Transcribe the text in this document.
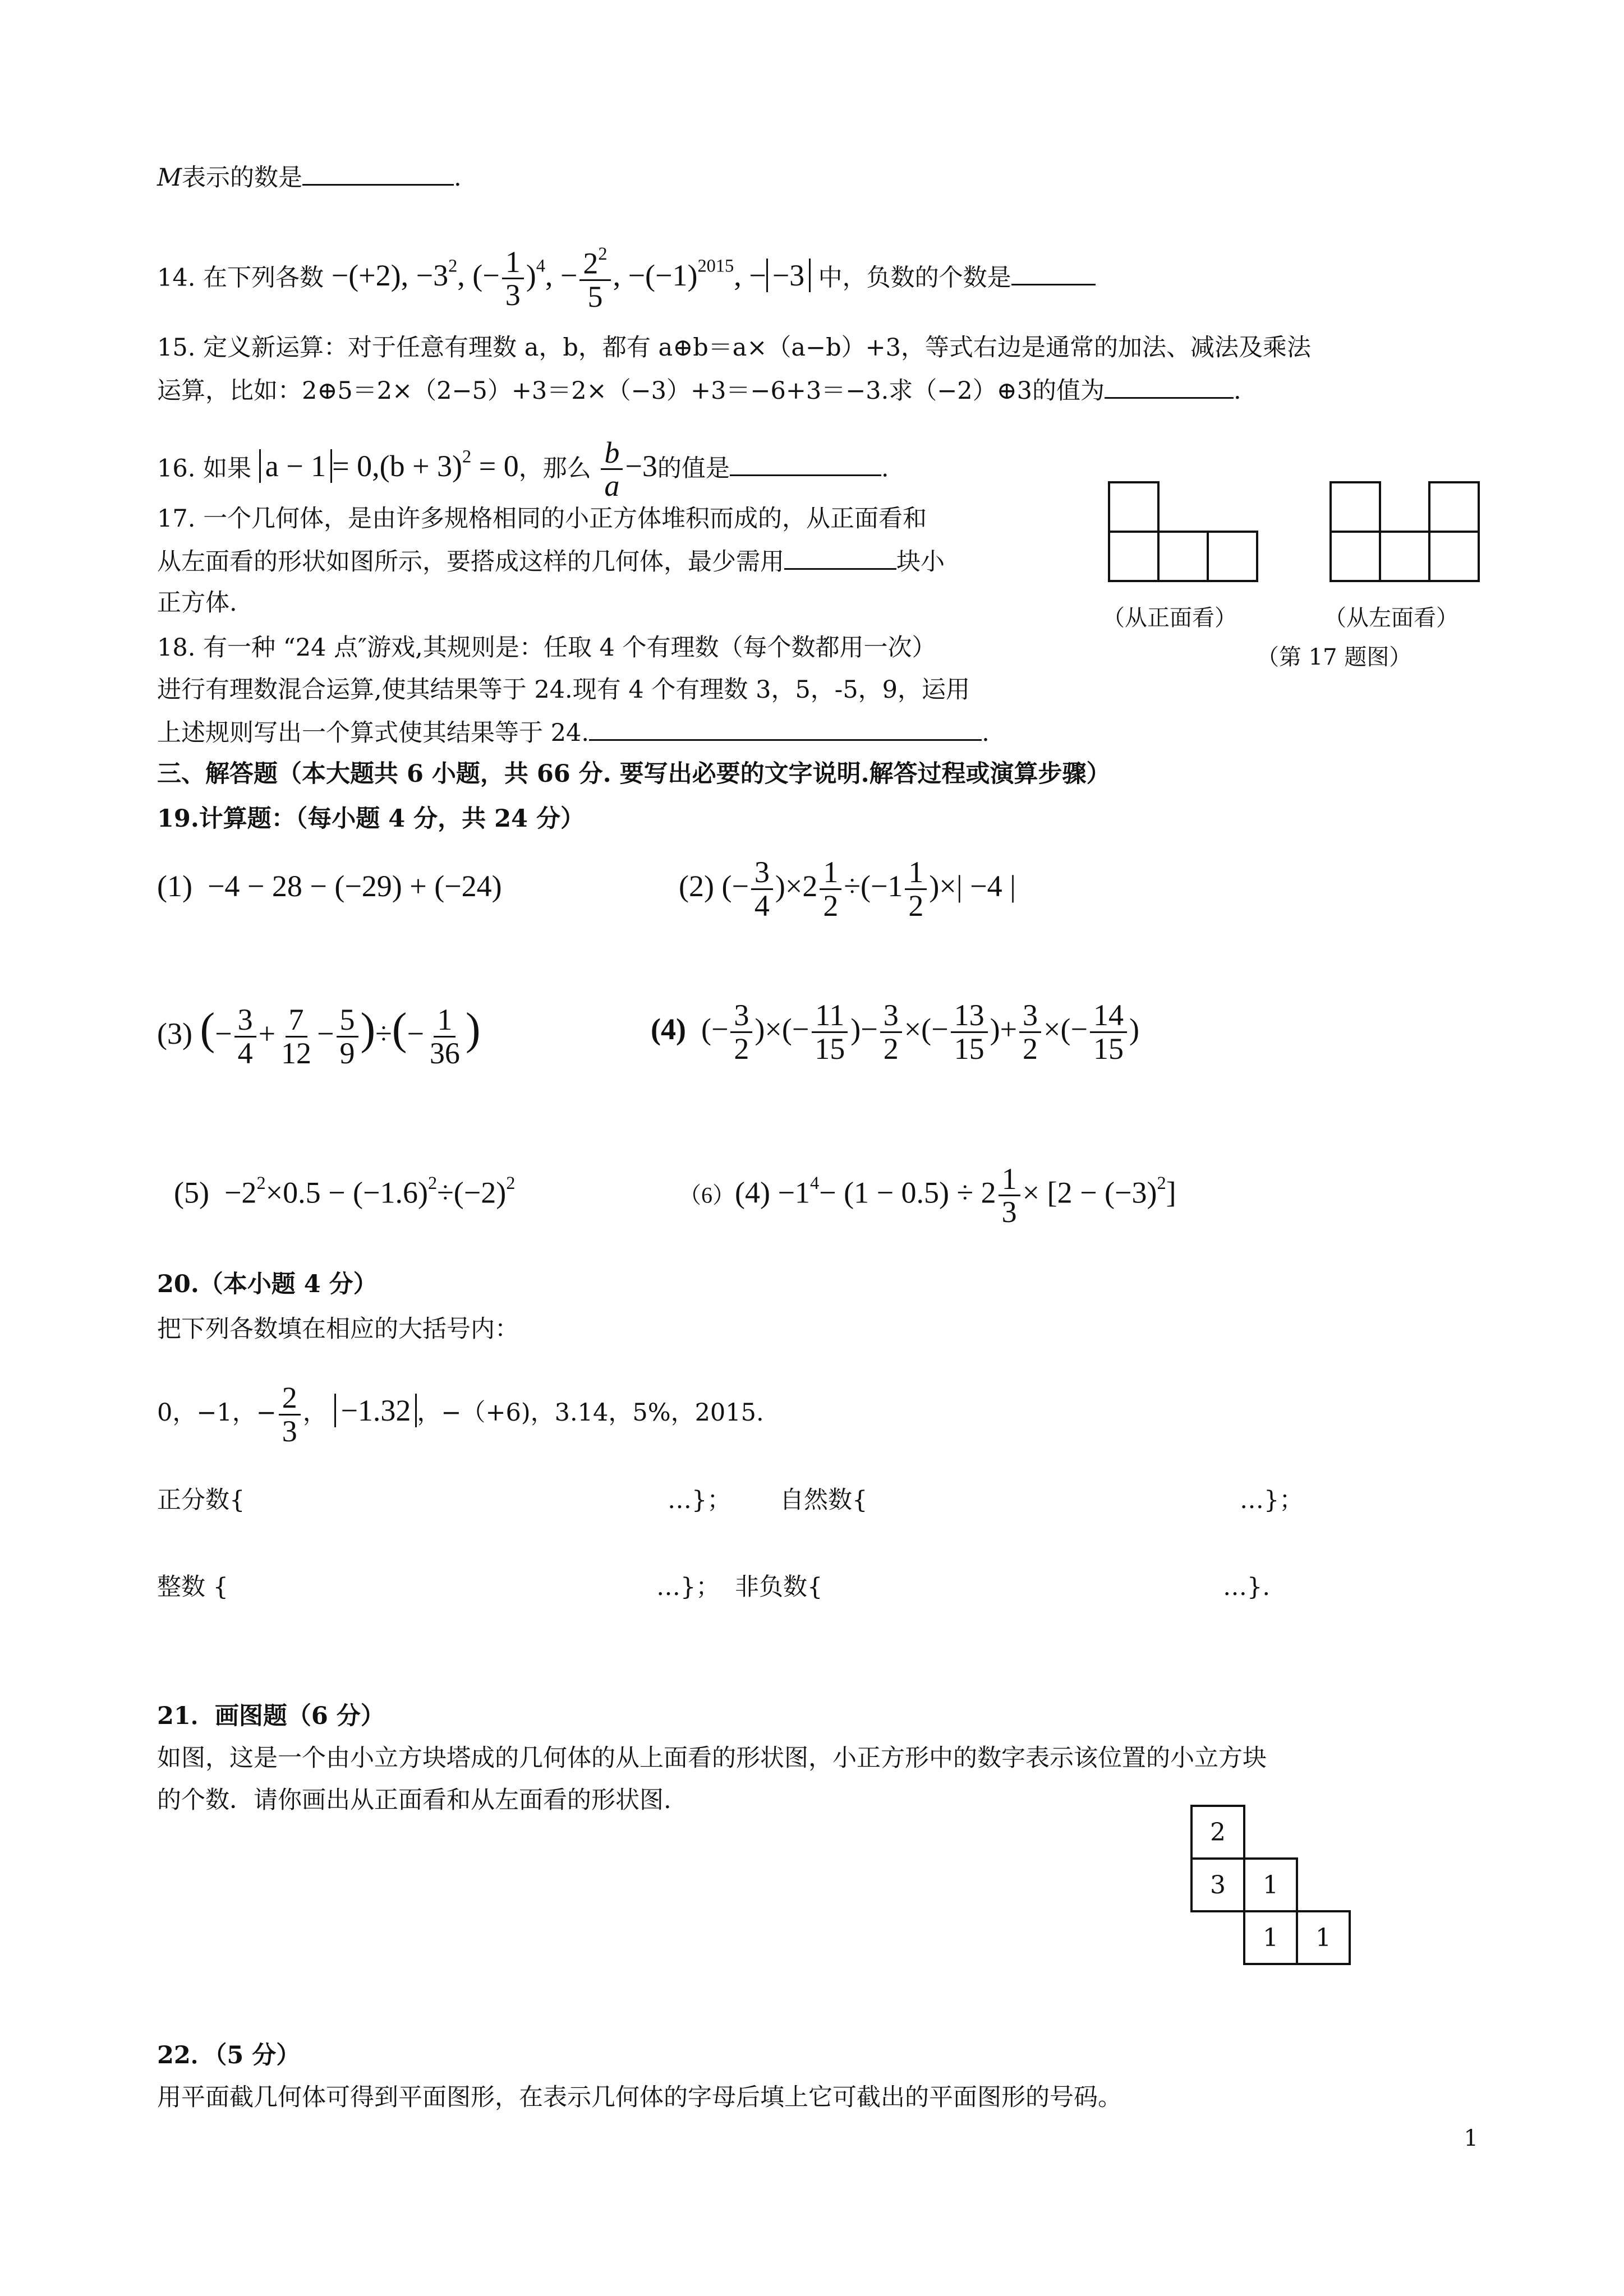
M表示的数是	.
14. 在下列各数 −(+2), $-3^2$, (− $\frac{1}{3} )^4$, − $\frac{2^2}{5}$ , $-(-1)^{2015}$, − −3 中，负数的个数是
15. 定义新运算：对于任意有理数 a，b，都有 a⊕b＝a×（a−b）+3，等式右边是通常的加法、减法及乘法
运算，比如：2⊕5＝2×（2−5）+3＝2×（−3）+3＝−6+3＝−3.求（−2）⊕3的值为	.
16. 如果 $a - 1 = 0,(b + 3)^2 = 0$，那么 $\frac{b}{a} -3$的值是	.
17. 一个几何体，是由许多规格相同的小正方体堆积而成的，从正面看和
从左面看的形状如图所示，要搭成这样的几何体，最少需用	块小
正方体.

（从正面看）	（从左面看）
（第 17 题图）
18. 有一种 “24 点″游戏,其规则是：任取 4 个有理数（每个数都用一次）
进行有理数混合运算,使其结果等于 24.现有 4 个有理数 3，5，-5，9，运用
上述规则写出一个算式使其结果等于 24.	.
三、解答题（本大题共 6 小题，共 66 分. 要写出必要的文字说明.解答过程或演算步骤）
19.计算题：（每小题 4 分，共 24 分）
(1) −4 − 28 − (−29) + (−24)	(2) (− $\frac{3}{4} )\times 2 \frac{1}{2} \div(-1 \frac{1}{2}$ )×| −4 |
(3) (− $\frac{3}{4} + \frac{7}{12} - \frac{5}{9}$ )÷(− $\frac{1}{36}$ )	(4)  (− $\frac{3}{2}$ )×(− $\frac{11}{15}$ )− $\frac{3}{2}$ ×(− $\frac{13}{15}$ )+ $\frac{3}{2}$ ×(− $\frac{14}{15}$ )
$(5) -2^2\times 0.5 - (-1.6)^2\div(-2)^2$	$(6)(4) -1^4- (1 - 0.5) \div 2 \frac{1}{3} \times [2 - (-3)^2]$
20.（本小题 4 分）
把下列各数填在相应的大括号内：
0，−1，− $\frac{2}{3}$ ， −1.32 ，−（+6)，3.14，5%，2015.
正分数{	…}； 自然数{	…}；
整数 {	…}； 非负数{	…}.
21．画图题（6 分）
如图，这是一个由小立方块塔成的几何体的从上面看的形状图，小正方形中的数字表示该位置的小立方块
的个数．请你画出从正面看和从左面看的形状图.
2		
3	1	
	1	1
22．（5 分）
用平面截几何体可得到平面图形，在表示几何体的字母后填上它可截出的平面图形的号码。
1
